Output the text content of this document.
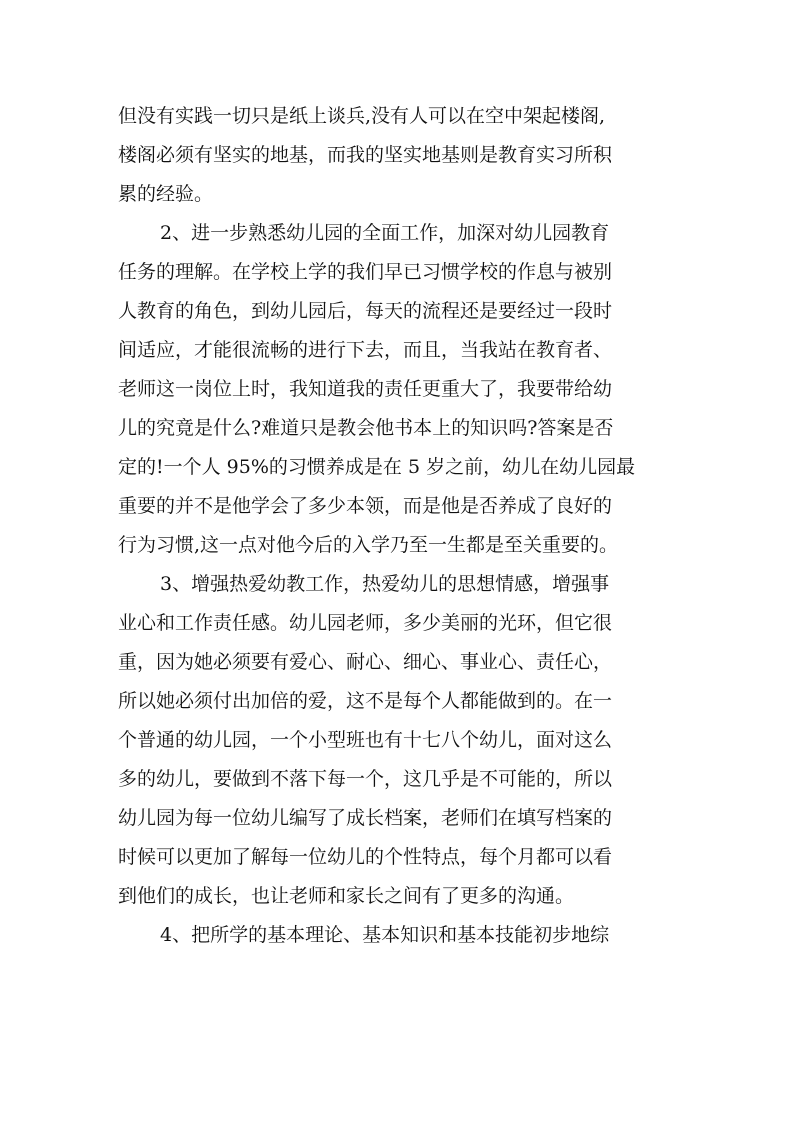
但没有实践一切只是纸上谈兵,没有人可以在空中架起楼阁,
楼阁必须有坚实的地基，而我的坚实地基则是教育实习所积
累的经验。
2、进一步熟悉幼儿园的全面工作，加深对幼儿园教育
任务的理解。在学校上学的我们早已习惯学校的作息与被别
人教育的角色，到幼儿园后，每天的流程还是要经过一段时
间适应，才能很流畅的进行下去，而且，当我站在教育者、
老师这一岗位上时，我知道我的责任更重大了，我要带给幼
儿的究竟是什么?难道只是教会他书本上的知识吗?答案是否
定的!一个人 95%的习惯养成是在 5 岁之前，幼儿在幼儿园最
重要的并不是他学会了多少本领，而是他是否养成了良好的
行为习惯,这一点对他今后的入学乃至一生都是至关重要的。
3、增强热爱幼教工作，热爱幼儿的思想情感，增强事
业心和工作责任感。幼儿园老师，多少美丽的光环，但它很
重，因为她必须要有爱心、耐心、细心、事业心、责任心，
所以她必须付出加倍的爱，这不是每个人都能做到的。在一
个普通的幼儿园，一个小型班也有十七八个幼儿，面对这么
多的幼儿，要做到不落下每一个，这几乎是不可能的，所以
幼儿园为每一位幼儿编写了成长档案，老师们在填写档案的
时候可以更加了解每一位幼儿的个性特点，每个月都可以看
到他们的成长，也让老师和家长之间有了更多的沟通。
4、把所学的基本理论、基本知识和基本技能初步地综
